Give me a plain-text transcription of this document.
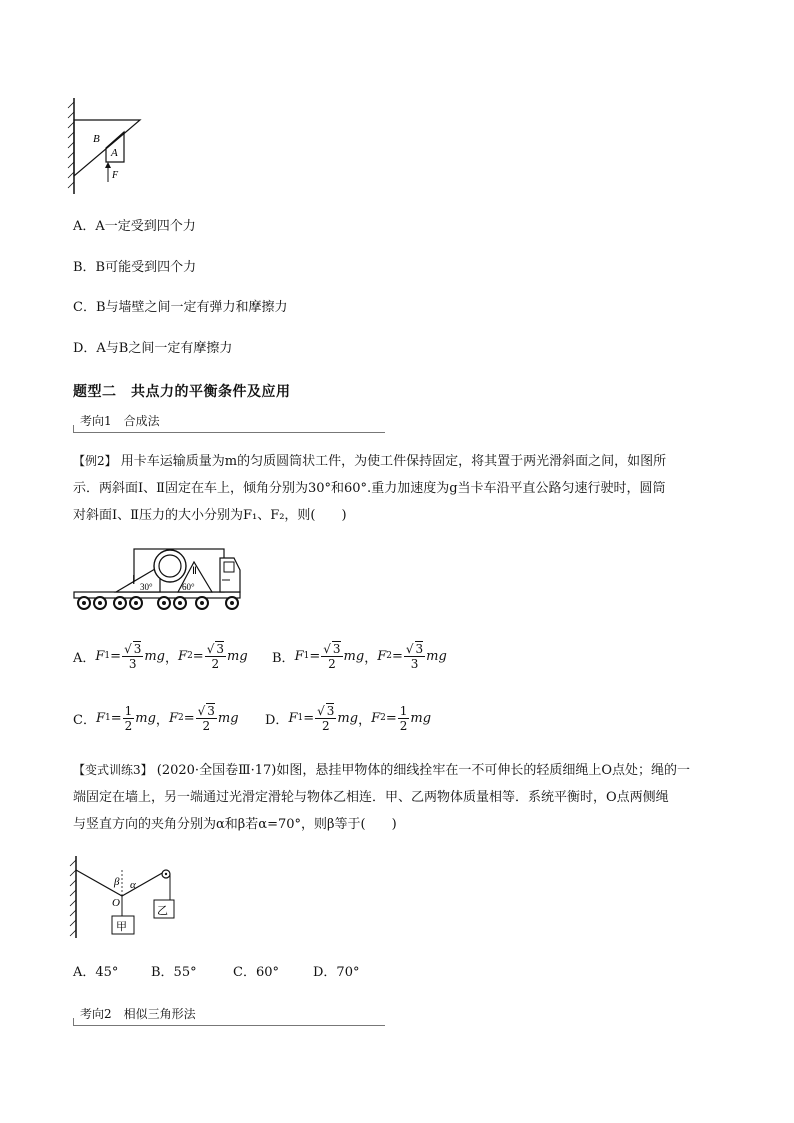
B
A
F
A．A一定受到四个力
B．B可能受到四个力
C．B与墙壁之间一定有弹力和摩擦力
D．A与B之间一定有摩擦力
题型二　共点力的平衡条件及应用
考向1　合成法
【例2】 用卡车运输质量为m的匀质圆筒状工件，为使工件保持固定，将其置于两光滑斜面之间，如图所
示．两斜面Ⅰ、Ⅱ固定在车上，倾角分别为30°和60°.重力加速度为g当卡车沿平直公路匀速行驶时，圆筒
对斜面Ⅰ、Ⅱ压力的大小分别为F₁、F₂，则(　　)
Ⅰ
Ⅱ
30°	60°
A． F $1 = \frac{√ 3}{3}$ mg ， F $2 = \frac{√ 3}{2}$ mg B． F $1 = \frac{√ 3}{2}$ mg ， F $2 = \frac{√ 3}{3}$ mg
C． F $1 = \frac{1}{2}$ mg ， F $2 = \frac{√ 3}{2}$ mg D． F $1 = \frac{√ 3}{2}$ mg ， F $2 = \frac{1}{2}$ mg
【变式训练3】 (2020·全国卷Ⅲ·17)如图，悬挂甲物体的细线拴牢在一不可伸长的轻质细绳上O点处；绳的一
端固定在墙上，另一端通过光滑定滑轮与物体乙相连．甲、乙两物体质量相等．系统平衡时，O点两侧绳
与竖直方向的夹角分别为α和β若α=70°，则β等于(　　)
β α
O
乙
甲
A．45°	B．55°	C．60°	D．70°
考向2　相似三角形法
